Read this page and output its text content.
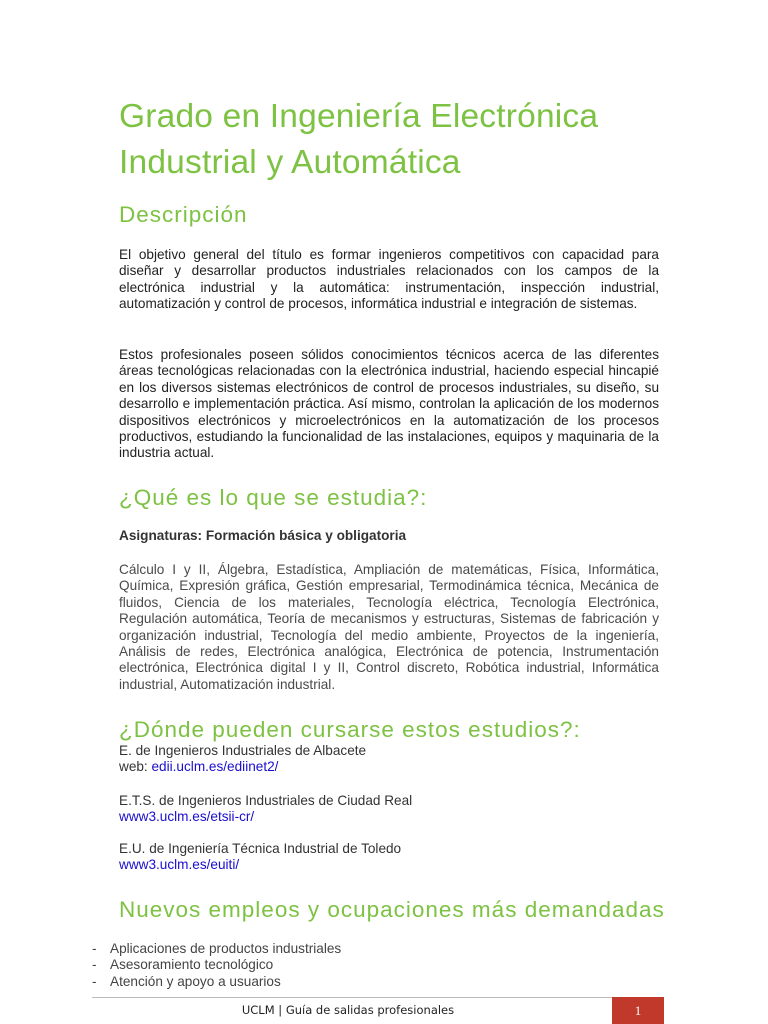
Grado en Ingeniería Electrónica Industrial y Automática
Descripción

El objetivo general del título es formar ingenieros competitivos con capacidad para diseñar y desarrollar productos industriales relacionados con los campos de la electrónica industrial y la automática: instrumentación, inspección industrial, automatización y control de procesos, informática industrial e integración de sistemas.

Estos profesionales poseen sólidos conocimientos técnicos acerca de las diferentes áreas tecnológicas relacionadas con la electrónica industrial, haciendo especial hincapié en los diversos sistemas electrónicos de control de procesos industriales, su diseño, su desarrollo e implementación práctica. Así mismo, controlan la aplicación de los modernos dispositivos electrónicos y microelectrónicos en la automatización de los procesos productivos, estudiando la funcionalidad de las instalaciones, equipos y maquinaria de la industria actual.

¿Qué es lo que se estudia?:

Asignaturas: Formación básica y obligatoria

Cálculo I y II, Álgebra, Estadística, Ampliación de matemáticas, Física, Informática, Química, Expresión gráfica, Gestión empresarial, Termodinámica técnica, Mecánica de fluidos, Ciencia de los materiales, Tecnología eléctrica, Tecnología Electrónica, Regulación automática, Teoría de mecanismos y estructuras, Sistemas de fabricación y organización industrial, Tecnología del medio ambiente, Proyectos de la ingeniería, Análisis de redes, Electrónica analógica, Electrónica de potencia, Instrumentación electrónica, Electrónica digital I y II, Control discreto, Robótica industrial, Informática industrial, Automatización industrial.

¿Dónde pueden cursarse estos estudios?:
E. de Ingenieros Industriales de Albacete
web: edii.uclm.es/ediinet2/
E.T.S. de Ingenieros Industriales de Ciudad Real
www3.uclm.es/etsii-cr/
E.U. de Ingeniería Técnica Industrial de Toledo
www3.uclm.es/euiti/
Nuevos empleos y ocupaciones más demandadas
- Aplicaciones de productos industriales
- Asesoramiento tecnológico
- Atención y apoyo a usuarios
UCLM | Guía de salidas profesionales	1
